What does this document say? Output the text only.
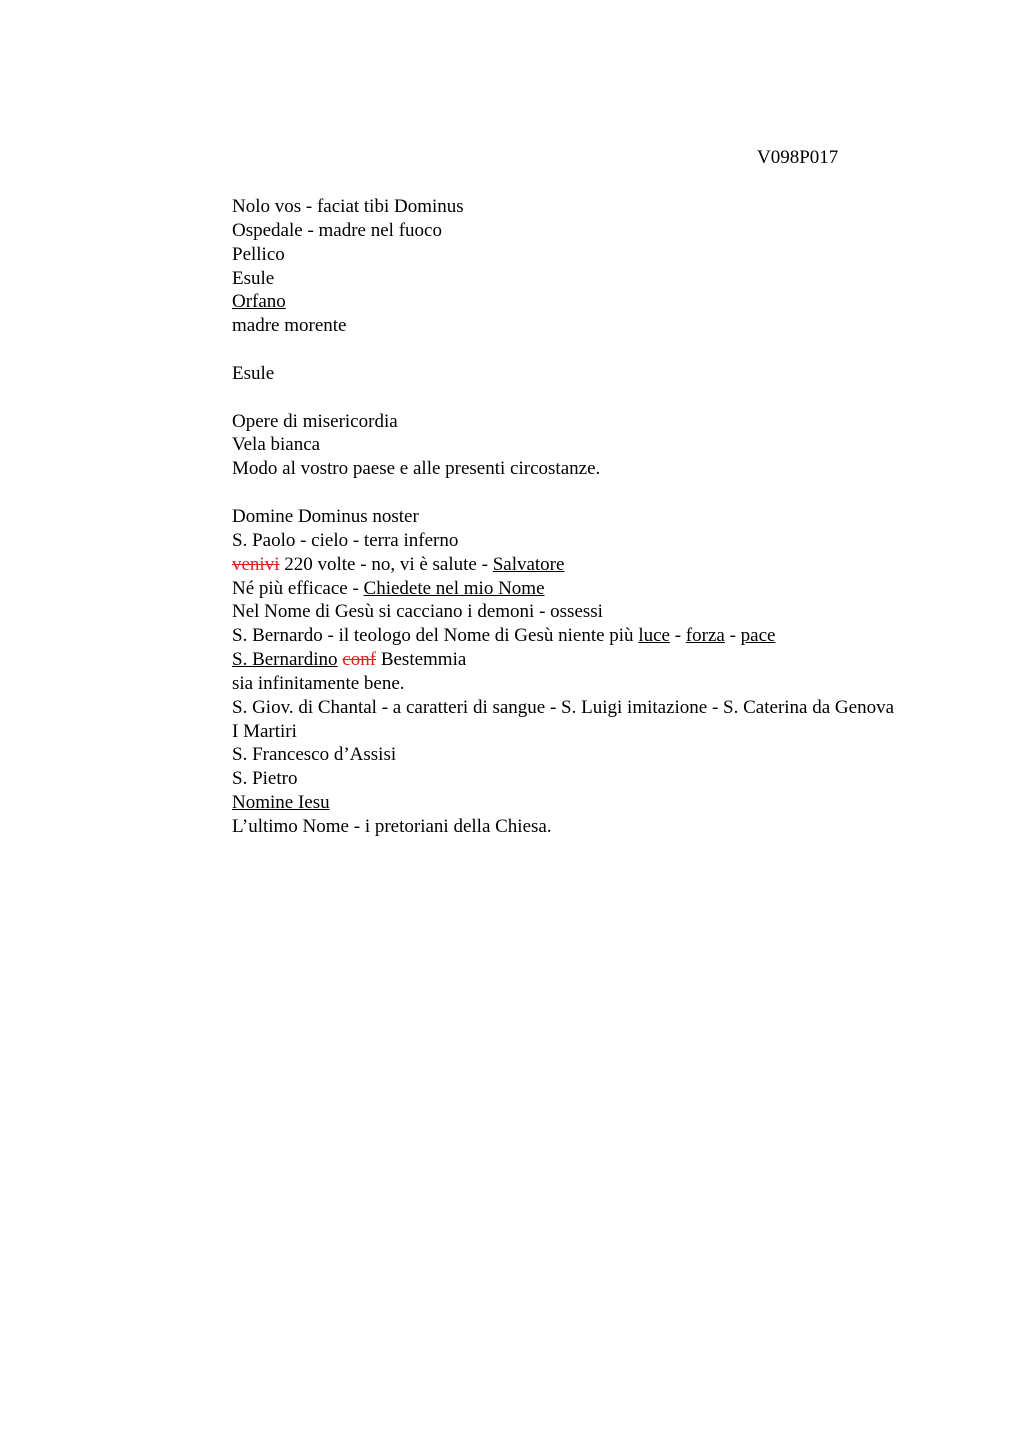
V098P017
Nolo vos - faciat tibi Dominus
Ospedale - madre nel fuoco
Pellico
Esule
Orfano
madre morente
Esule
Opere di misericordia
Vela bianca
Modo al vostro paese e alle presenti circostanze.
Domine Dominus noster
S. Paolo - cielo - terra inferno
venivi 220 volte - no, vi è salute - Salvatore
Né più efficace - Chiedete nel mio Nome
Nel Nome di Gesù si cacciano i demoni - ossessi
S. Bernardo - il teologo del Nome di Gesù niente più luce - forza - pace
S. Bernardino conf Bestemmia
sia infinitamente bene.
S. Giov. di Chantal - a caratteri di sangue - S. Luigi imitazione - S. Caterina da Genova
I Martiri
S. Francesco d’Assisi
S. Pietro
Nomine Iesu
L’ultimo Nome - i pretoriani della Chiesa.
